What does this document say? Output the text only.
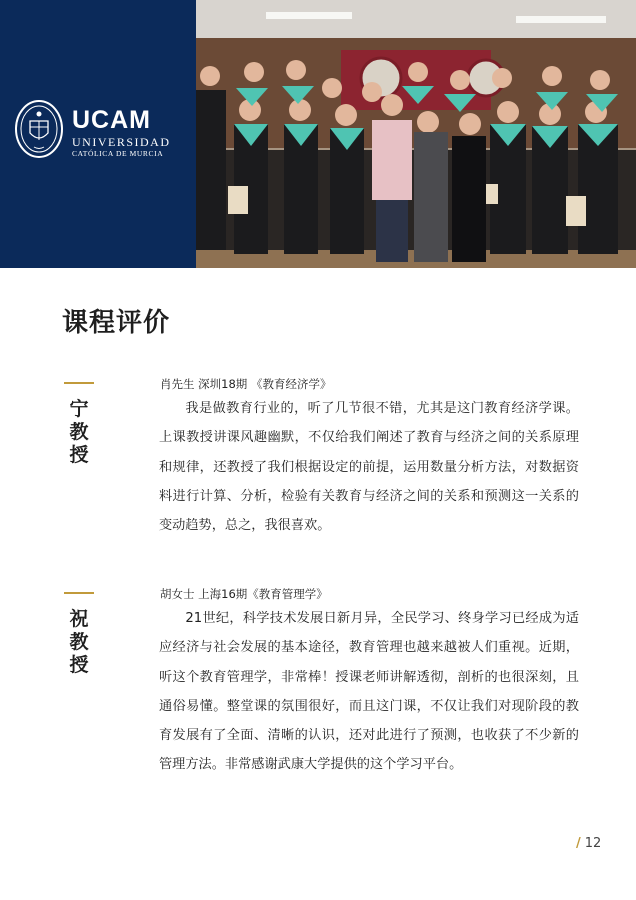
UCAM
UNIVERSIDAD
CATÓLICA DE MURCIA
课程评价
宁教授
肖先生 深圳18期 《教育经济学》

我是做教育行业的，听了几节很不错，尤其是这门教育经济学课。上课教授讲课风趣幽默，不仅给我们阐述了教育与经济之间的关系原理和规律，还教授了我们根据设定的前提，运用数量分析方法，对数据资料进行计算、分析，检验有关教育与经济之间的关系和预测这一关系的变动趋势，总之，我很喜欢。

祝教授
胡女士 上海16期《教育管理学》

21世纪，科学技术发展日新月异，全民学习、终身学习已经成为适应经济与社会发展的基本途径，教育管理也越来越被人们重视。近期，听这个教育管理学，非常棒！授课老师讲解透彻，剖析的也很深刻，且通俗易懂。整堂课的氛围很好，而且这门课，不仅让我们对现阶段的教育发展有了全面、清晰的认识，还对此进行了预测，也收获了不少新的管理方法。非常感谢武康大学提供的这个学习平台。

/ 12
